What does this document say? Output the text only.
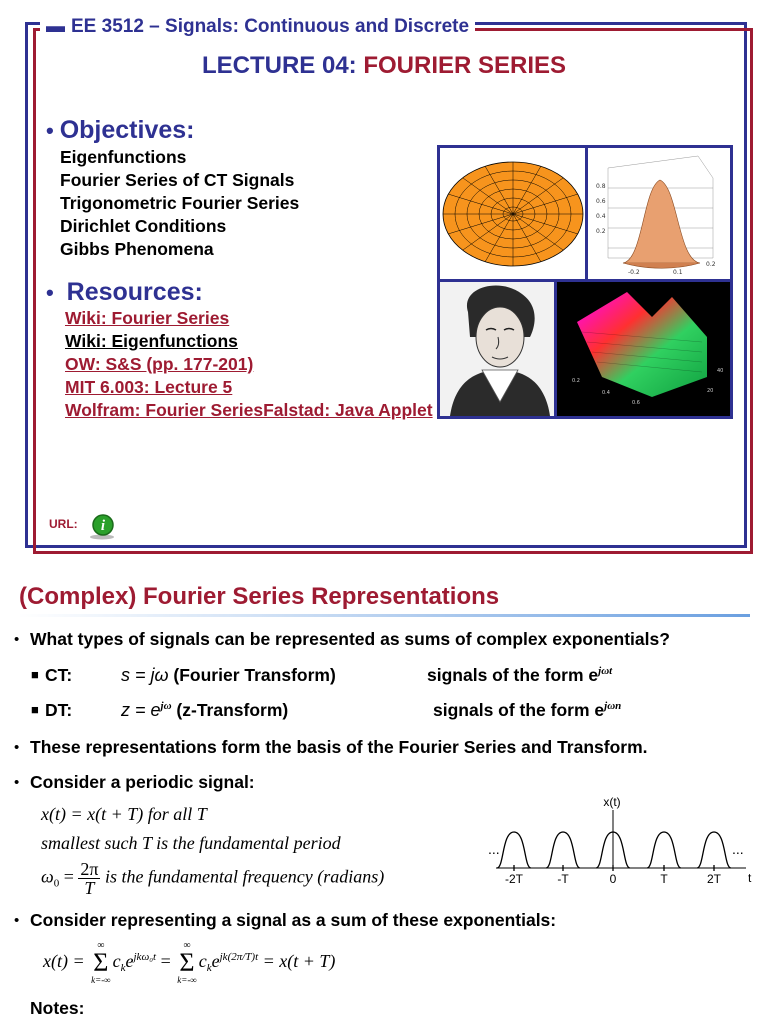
▬ EE 3512 – Signals: Continuous and Discrete
LECTURE 04: FOURIER SERIES
• Objectives:
Eigenfunctions
Fourier Series of CT Signals
Trigonometric Fourier Series
Dirichlet Conditions
Gibbs Phenomena
• Resources:
Wiki: Fourier Series
Wiki: Eigenfunctions
OW: S&S (pp. 177-201)
MIT 6.003: Lecture 5
Wolfram: Fourier SeriesFalstad: Java Applet
URL: i
0.8
0.6
0.4
0.2
-0.2	0.1
0.2
0.2
0.4
0.6
20
40
(Complex) Fourier Series Representations
• What types of signals can be represented as sums of complex exponentials?
■ CT:	s = jω (Fourier Transform)	signals of the form $e^{j\omega t}$
■ DT:	$z = e^{j\omega}$ (z-Transform)	signals of the form $e^{j\omega n}$
• These representations form the basis of the Fourier Series and Transform.
• Consider a periodic signal:
x(t) = x(t + T) for all T
smallest such T is the fundamental period
$\omega_0 = \frac{2\pi}{T}$ is the fundamental frequency (radians)
x(t)
-2T	-T	0	T	2T
...	...
t
• Consider representing a signal as a sum of these exponentials:
x(t) =
∞
Σ
k=-∞
$c_ke^{jk\omega_0t}$ =
∞
Σ
k=-∞
$c_ke^{jk(2\pi/T)t} = x(t + T)$
Notes:
